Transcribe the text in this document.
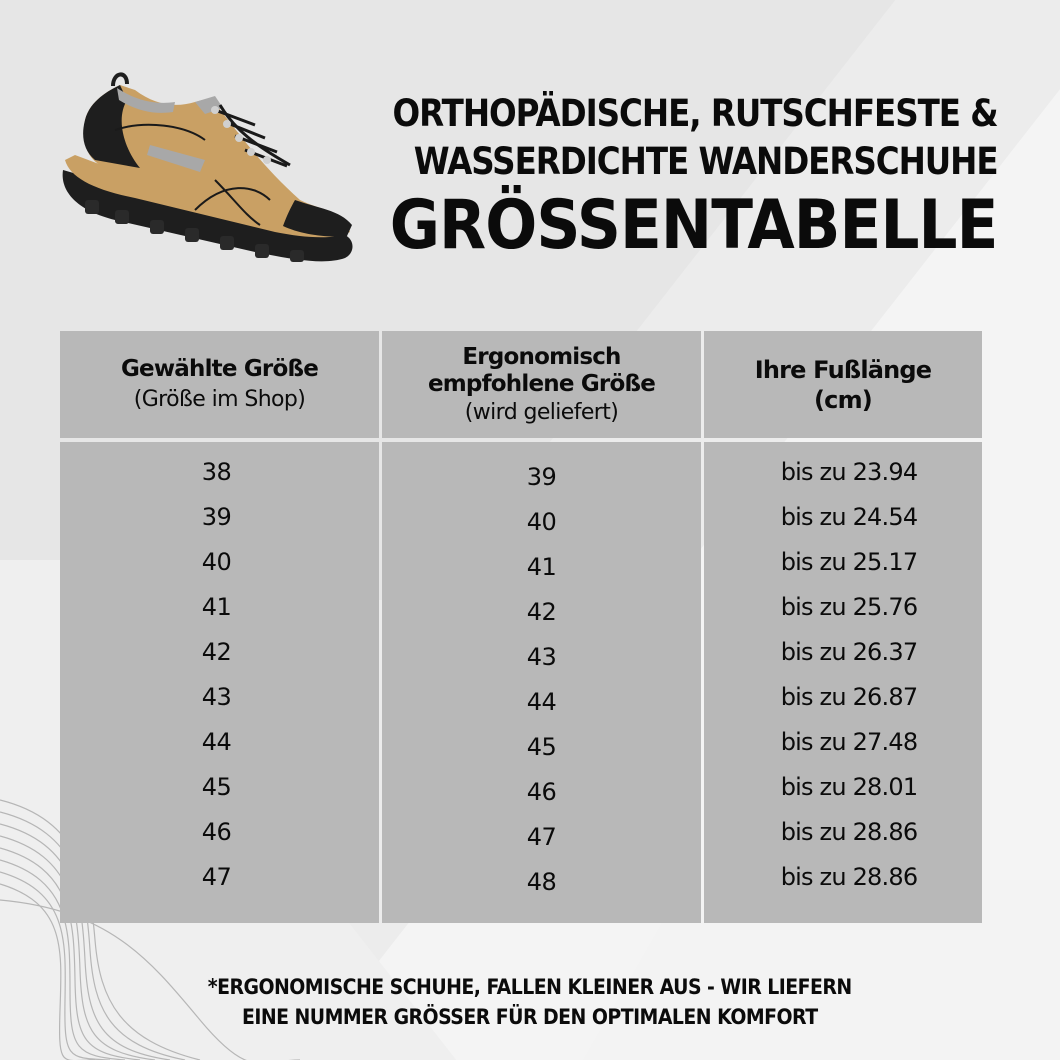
ORTHOPÄDISCHE, RUTSCHFESTE &
WASSERDICHTE WANDERSCHUHE
GRÖSSENTABELLE
Gewählte Größe
(Größe im Shop)
Ergonomisch
empfohlene Größe
(wird geliefert)
Ihre Fußlänge
(cm)
38
39
40
41
42
43
44
45
46
47
39
40
41
42
43
44
45
46
47
48
bis zu 23.94
bis zu 24.54
bis zu 25.17
bis zu 25.76
bis zu 26.37
bis zu 26.87
bis zu 27.48
bis zu 28.01
bis zu 28.86
bis zu 28.86
*ERGONOMISCHE SCHUHE, FALLEN KLEINER AUS - WIR LIEFERN
EINE NUMMER GRÖSSER FÜR DEN OPTIMALEN KOMFORT
